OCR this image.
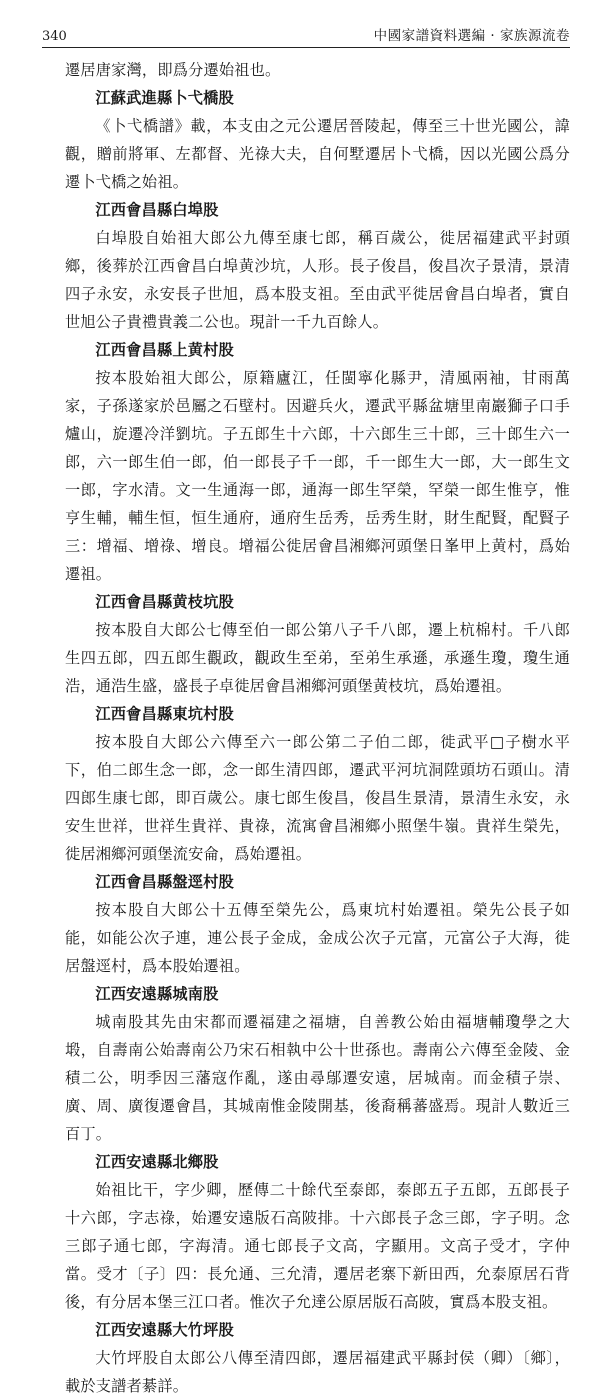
340	中國家譜資料選編 · 家族源流卷

遷居唐家灣，即爲分遷始祖也。

江蘇武進縣卜弋橋股

《卜弋橋譜》載，本支由之元公遷居晉陵起，傳至三十世光國公，諱觀，贈前將軍、左都督、光祿大夫，自何墅遷居卜弋橋，因以光國公爲分遷卜弋橋之始祖。

江西會昌縣白埠股

白埠股自始祖大郎公九傳至康七郎，稱百歲公，徙居福建武平封頭鄉，後葬於江西會昌白埠黄沙坑，人形。長子俊昌，俊昌次子景清，景清四子永安，永安長子世旭，爲本股支祖。至由武平徙居會昌白埠者，實自世旭公子貴禮貴義二公也。現計一千九百餘人。

江西會昌縣上黄村股

按本股始祖大郎公，原籍廬江，任閩寧化縣尹，清風兩袖，甘雨萬家，子孫遂家於邑屬之石壁村。因避兵火，遷武平縣盆塘里南巖獅子口手爐山，旋遷冷洋劉坑。子五郎生十六郎，十六郎生三十郎，三十郎生六一郎，六一郎生伯一郎，伯一郎長子千一郎，千一郎生大一郎，大一郎生文一郎，字水清。文一生通海一郎，通海一郎生罕榮，罕榮一郎生惟亨，惟亨生輔，輔生恒，恒生通府，通府生岳秀，岳秀生財，財生配賢，配賢子三：增福、增祿、增良。增福公徙居會昌湘鄉河頭堡日峯甲上黄村，爲始遷祖。

江西會昌縣黄枝坑股

按本股自大郎公七傳至伯一郎公第八子千八郎，遷上杭棉村。千八郎生四五郎，四五郎生觀政，觀政生至弟，至弟生承遜，承遜生瓊，瓊生通浩，通浩生盛，盛長子卓徙居會昌湘鄉河頭堡黄枝坑，爲始遷祖。

江西會昌縣東坑村股

按本股自大郎公六傳至六一郎公第二子伯二郎，徙武平□子樹水平下，伯二郎生念一郎，念一郎生清四郎，遷武平河坑洞陞頭坊石頭山。清四郎生康七郎，即百歲公。康七郎生俊昌，俊昌生景清，景清生永安，永安生世祥，世祥生貴祥、貴祿，流寓會昌湘鄉小照堡牛嶺。貴祥生榮先，徙居湘鄉河頭堡流安侖，爲始遷祖。

江西會昌縣盤逕村股

按本股自大郎公十五傳至榮先公，爲東坑村始遷祖。榮先公長子如能，如能公次子連，連公長子金成，金成公次子元富，元富公子大海，徙居盤逕村，爲本股始遷祖。

江西安遠縣城南股

城南股其先由宋都而遷福建之福塘，自善教公始由福塘輔瓊學之大塅，自壽南公始壽南公乃宋石相執中公十世孫也。壽南公六傳至金陵、金積二公，明季因三藩寇作亂，遂由尋鄔遷安遠，居城南。而金積子崇、廣、周、廣復遷會昌，其城南惟金陵開基，後裔稱蕃盛焉。現計人數近三百丁。

江西安遠縣北鄉股

始祖比干，字少卿，歷傳二十餘代至泰郎，泰郎五子五郎，五郎長子十六郎，字志祿，始遷安遠版石高陂排。十六郎長子念三郎，字子明。念三郎子通七郎，字海清。通七郎長子文高，字顯用。文高子受才，字仲當。受才〔子〕四：長允通、三允清，遷居老寨下新田西，允泰原居石背後，有分居本堡三江口者。惟次子允達公原居版石高陂，實爲本股支祖。

江西安遠縣大竹坪股

大竹坪股自太郎公八傳至清四郎，遷居福建武平縣封侯（卿）〔鄉〕，載於支譜者綦詳。
